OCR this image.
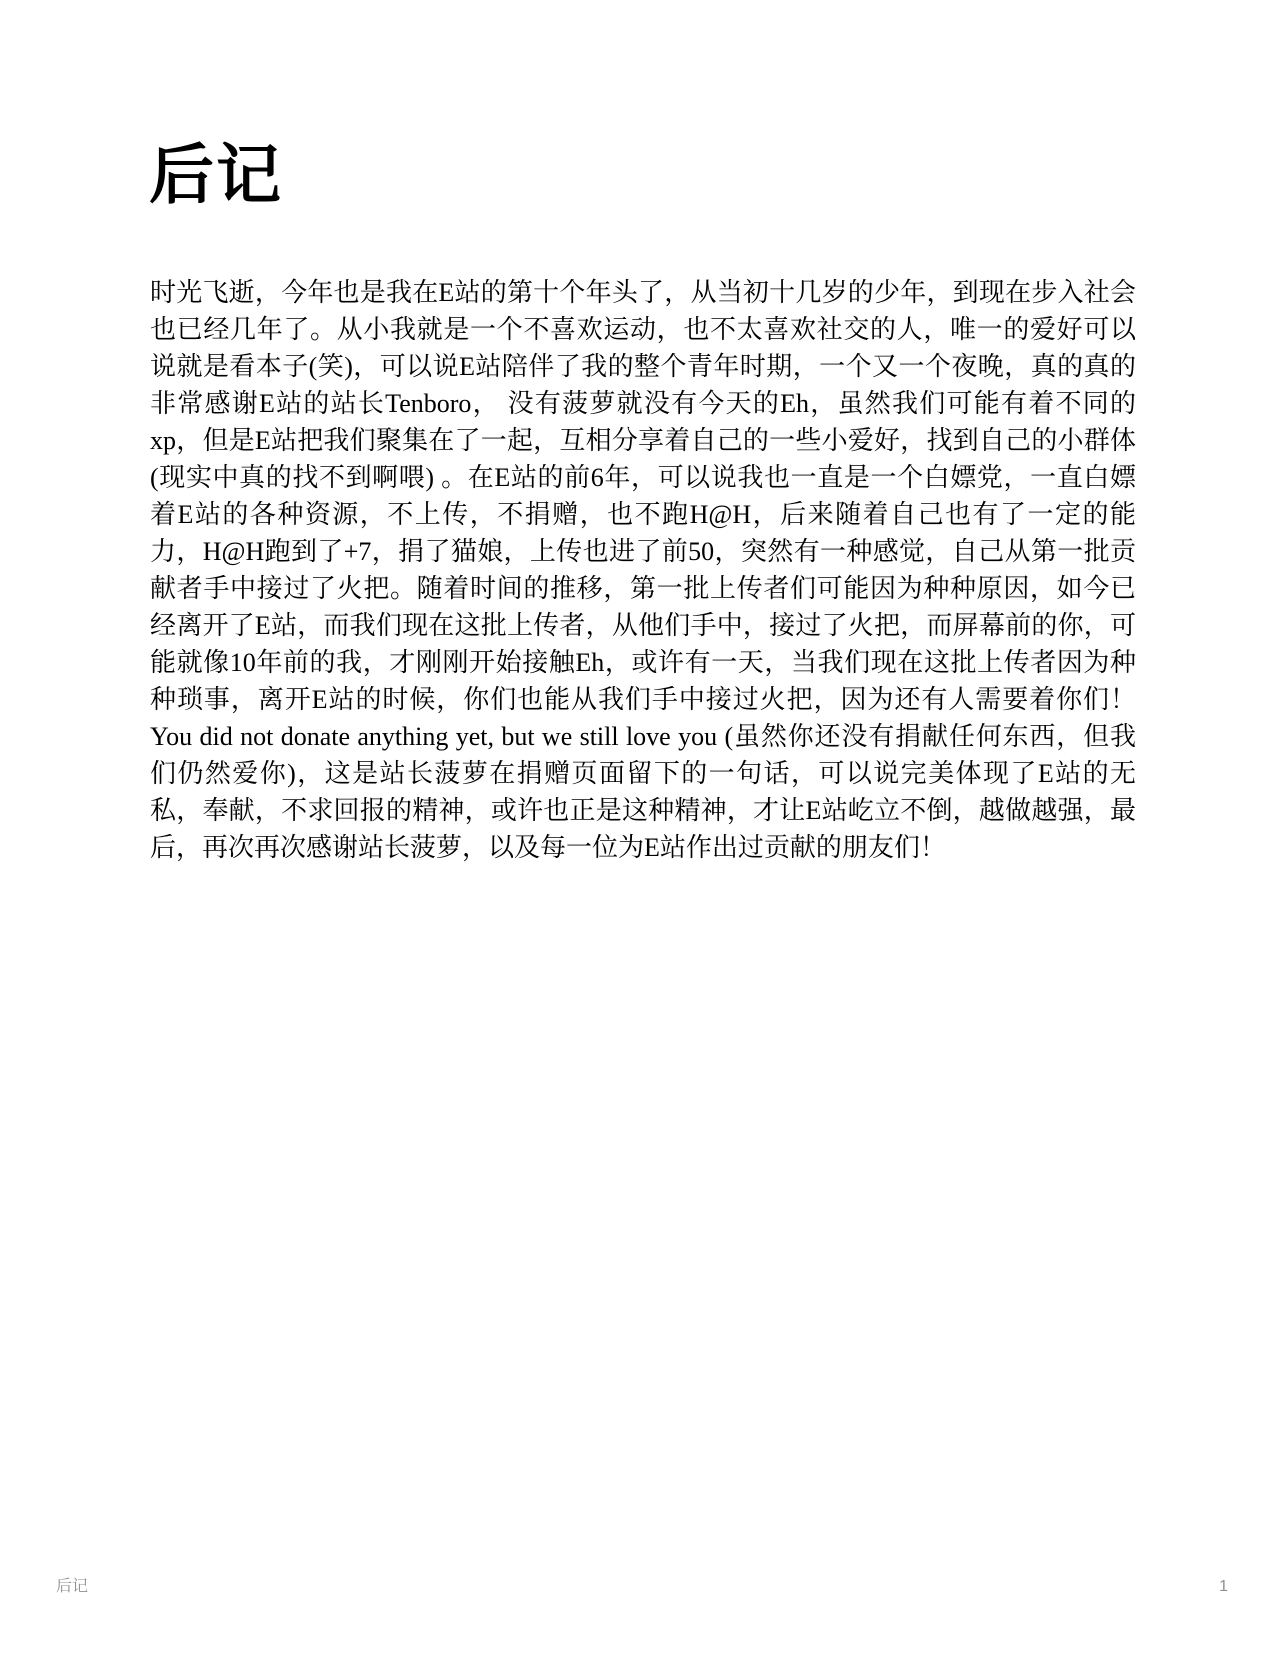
后记

时光飞逝，今年也是我在E站的第十个年头了，从当初十几岁的少年，到现在步入社会也已经几年了。从小我就是一个不喜欢运动，也不太喜欢社交的人，唯一的爱好可以说就是看本子(笑)，可以说E站陪伴了我的整个青年时期，一个又一个夜晚，真的真的非常感谢E站的站长Tenboro， 没有菠萝就没有今天的Eh，虽然我们可能有着不同的xp，但是E站把我们聚集在了一起，互相分享着自己的一些小爱好，找到自己的小群体(现实中真的找不到啊喂) 。在E站的前6年，可以说我也一直是一个白嫖党，一直白嫖着E站的各种资源，不上传，不捐赠，也不跑H@H，后来随着自己也有了一定的能力，H@H跑到了+7，捐了猫娘，上传也进了前50，突然有一种感觉，自己从第一批贡献者手中接过了火把。随着时间的推移，第一批上传者们可能因为种种原因，如今已经离开了E站，而我们现在这批上传者，从他们手中，接过了火把，而屏幕前的你，可能就像10年前的我，才刚刚开始接触Eh，或许有一天，当我们现在这批上传者因为种种琐事，离开E站的时候，你们也能从我们手中接过火把，因为还有人需要着你们！You did not donate anything yet, but we still love you (虽然你还没有捐献任何东西，但我们仍然爱你)，这是站长菠萝在捐赠页面留下的一句话，可以说完美体现了E站的无私，奉献，不求回报的精神，或许也正是这种精神，才让E站屹立不倒，越做越强，最后，再次再次感谢站长菠萝，以及每一位为E站作出过贡献的朋友们！

后记	1
